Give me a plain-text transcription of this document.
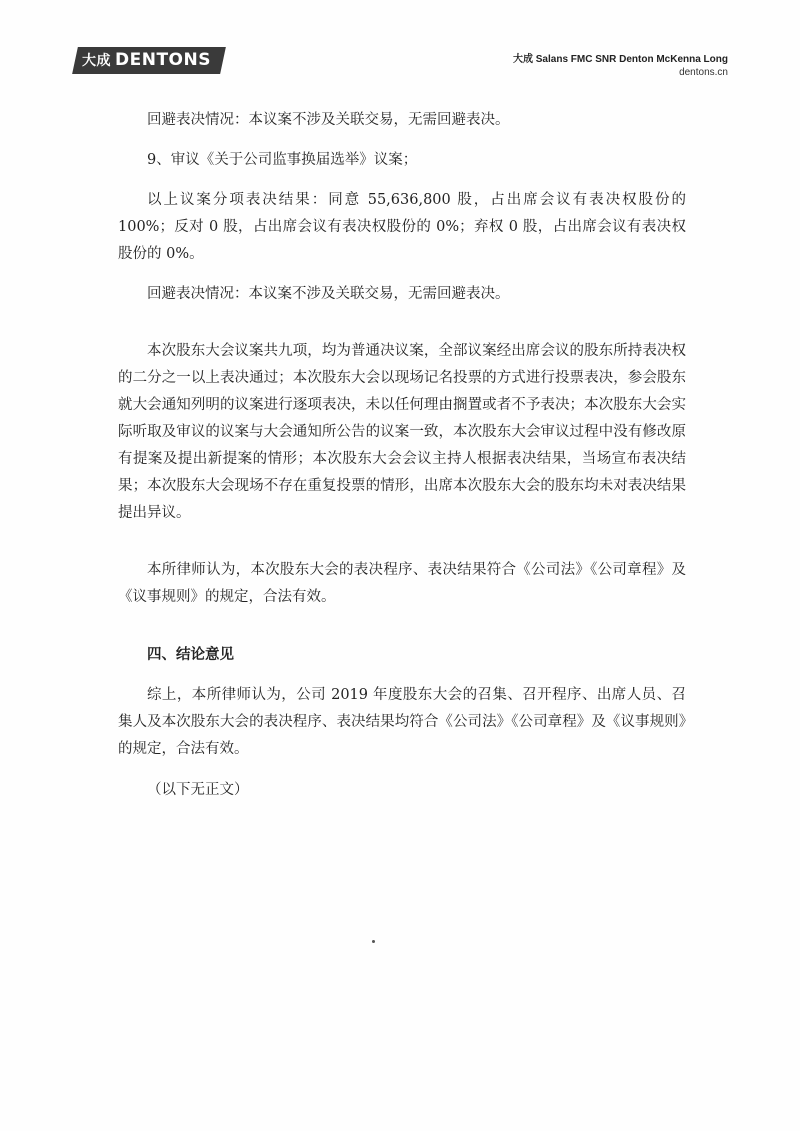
大成 DENTONS	大成 Salans FMC SNR Denton McKenna Long
dentons.cn

回避表决情况：本议案不涉及关联交易，无需回避表决。

9、审议《关于公司监事换届选举》议案；

以上议案分项表决结果：同意 55,636,800 股，占出席会议有表决权股份的 100%；反对 0 股，占出席会议有表决权股份的 0%；弃权 0 股，占出席会议有表决权股份的 0%。

回避表决情况：本议案不涉及关联交易，无需回避表决。

本次股东大会议案共九项，均为普通决议案，全部议案经出席会议的股东所持表决权的二分之一以上表决通过；本次股东大会以现场记名投票的方式进行投票表决，参会股东就大会通知列明的议案进行逐项表决，未以任何理由搁置或者不予表决；本次股东大会实际听取及审议的议案与大会通知所公告的议案一致，本次股东大会审议过程中没有修改原有提案及提出新提案的情形；本次股东大会会议主持人根据表决结果，当场宣布表决结果；本次股东大会现场不存在重复投票的情形，出席本次股东大会的股东均未对表决结果提出异议。

本所律师认为，本次股东大会的表决程序、表决结果符合《公司法》《公司章程》及《议事规则》的规定，合法有效。

四、结论意见

综上，本所律师认为，公司 2019 年度股东大会的召集、召开程序、出席人员、召集人及本次股东大会的表决程序、表决结果均符合《公司法》《公司章程》及《议事规则》的规定，合法有效。

（以下无正文）
